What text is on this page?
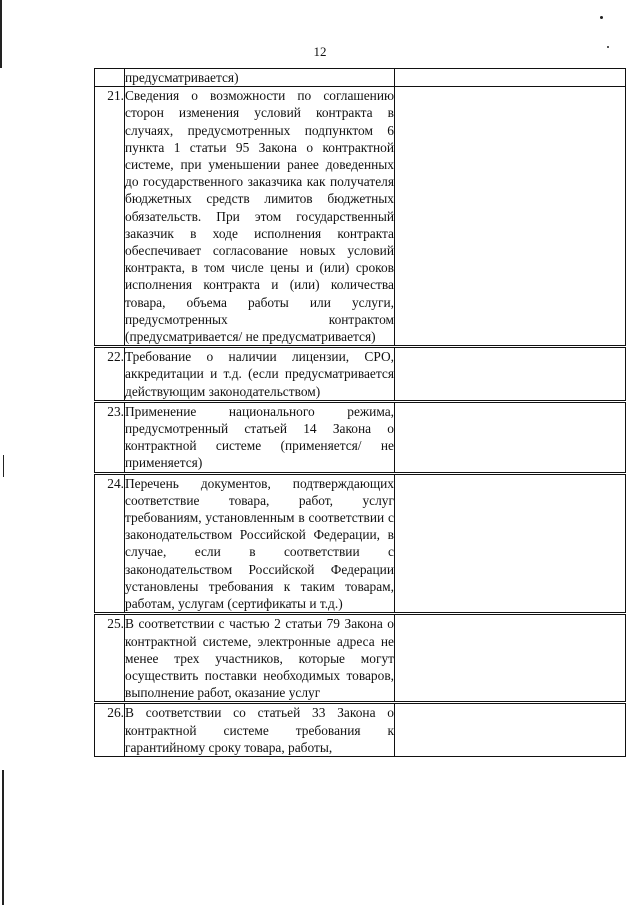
12
	предусматривается)	
21.	Сведения о возможности по соглашению сторон изменения условий контракта в случаях, предусмотренных подпунктом 6 пункта 1 статьи 95 Закона о контрактной системе, при уменьшении ранее доведенных до государственного заказчика как получателя бюджетных средств лимитов бюджетных обязательств. При этом государственный заказчик в ходе исполнения контракта обеспечивает согласование новых условий контракта, в том числе цены и (или) сроков исполнения контракта и (или) количества товара, объема работы или услуги, предусмотренных контрактом (предусматривается/ не предусматривается)	
22.	Требование о наличии лицензии, СРО, аккредитации и т.д. (если предусматривается действующим законодательством)	
23.	Применение национального режима, предусмотренный статьей 14 Закона о контрактной системе (применяется/ не применяется)	
24.	Перечень документов, подтверждающих соответствие товара, работ, услуг требованиям, установленным в соответствии с законодательством Российской Федерации, в случае, если в соответствии с законодательством Российской Федерации установлены требования к таким товарам, работам, услугам (сертификаты и т.д.)	
25.	В соответствии с частью 2 статьи 79 Закона о контрактной системе, электронные адреса не менее трех участников, которые могут осуществить поставки необходимых товаров, выполнение работ, оказание услуг	
26.	В соответствии со статьей 33 Закона о контрактной системе требования к гарантийному сроку товара, работы,	
